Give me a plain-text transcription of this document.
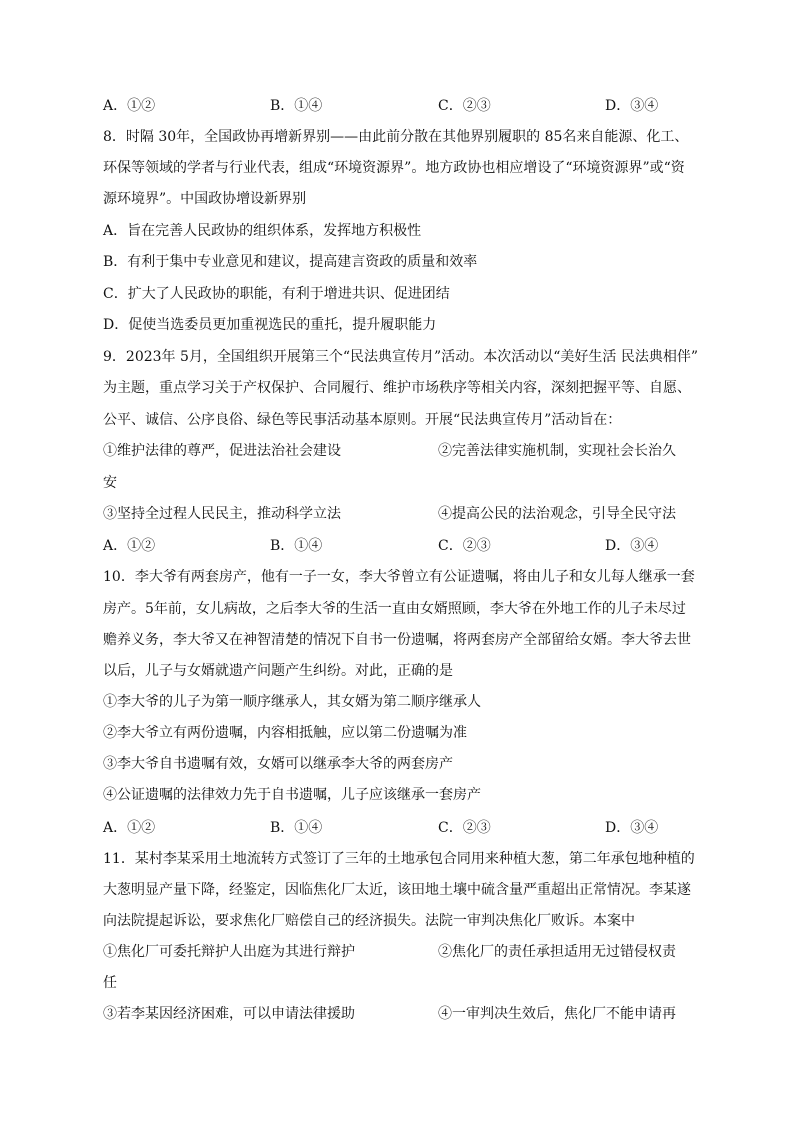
A．①②	B．①④	C．②③	D．③④
8．时隔 30年，全国政协再增新界别——由此前分散在其他界别履职的 85名来自能源、化工、
环保等领域的学者与行业代表，组成“环境资源界”。地方政协也相应增设了“环境资源界”或“资
源环境界”。中国政协增设新界别
A．旨在完善人民政协的组织体系，发挥地方积极性
B．有利于集中专业意见和建议，提高建言资政的质量和效率
C．扩大了人民政协的职能，有利于增进共识、促进团结
D．促使当选委员更加重视选民的重托，提升履职能力
9．2023年 5月，全国组织开展第三个“民法典宣传月”活动。本次活动以“美好生活 民法典相伴”
为主题，重点学习关于产权保护、合同履行、维护市场秩序等相关内容，深刻把握平等、自愿、
公平、诚信、公序良俗、绿色等民事活动基本原则。开展“民法典宣传月”活动旨在：
①维护法律的尊严，促进法治社会建设	②完善法律实施机制，实现社会长治久
安
③坚持全过程人民民主，推动科学立法	④提高公民的法治观念，引导全民守法
A．①②	B．①④	C．②③	D．③④
10．李大爷有两套房产，他有一子一女，李大爷曾立有公证遗嘱，将由儿子和女儿每人继承一套
房产。5年前，女儿病故，之后李大爷的生活一直由女婿照顾，李大爷在外地工作的儿子未尽过
赡养义务，李大爷又在神智清楚的情况下自书一份遗嘱，将两套房产全部留给女婿。李大爷去世
以后，儿子与女婿就遗产问题产生纠纷。对此，正确的是
①李大爷的儿子为第一顺序继承人，其女婿为第二顺序继承人
②李大爷立有两份遗嘱，内容相抵触，应以第二份遗嘱为准
③李大爷自书遗嘱有效，女婿可以继承李大爷的两套房产
④公证遗嘱的法律效力先于自书遗嘱，儿子应该继承一套房产
A．①②	B．①④	C．②③	D．③④
11．某村李某采用土地流转方式签订了三年的土地承包合同用来种植大葱，第二年承包地种植的
大葱明显产量下降，经鉴定，因临焦化厂太近，该田地土壤中硫含量严重超出正常情况。李某遂
向法院提起诉讼，要求焦化厂赔偿自己的经济损失。法院一审判决焦化厂败诉。本案中
①焦化厂可委托辩护人出庭为其进行辩护	②焦化厂的责任承担适用无过错侵权责
任
③若李某因经济困难，可以申请法律援助	④一审判决生效后，焦化厂不能申请再
